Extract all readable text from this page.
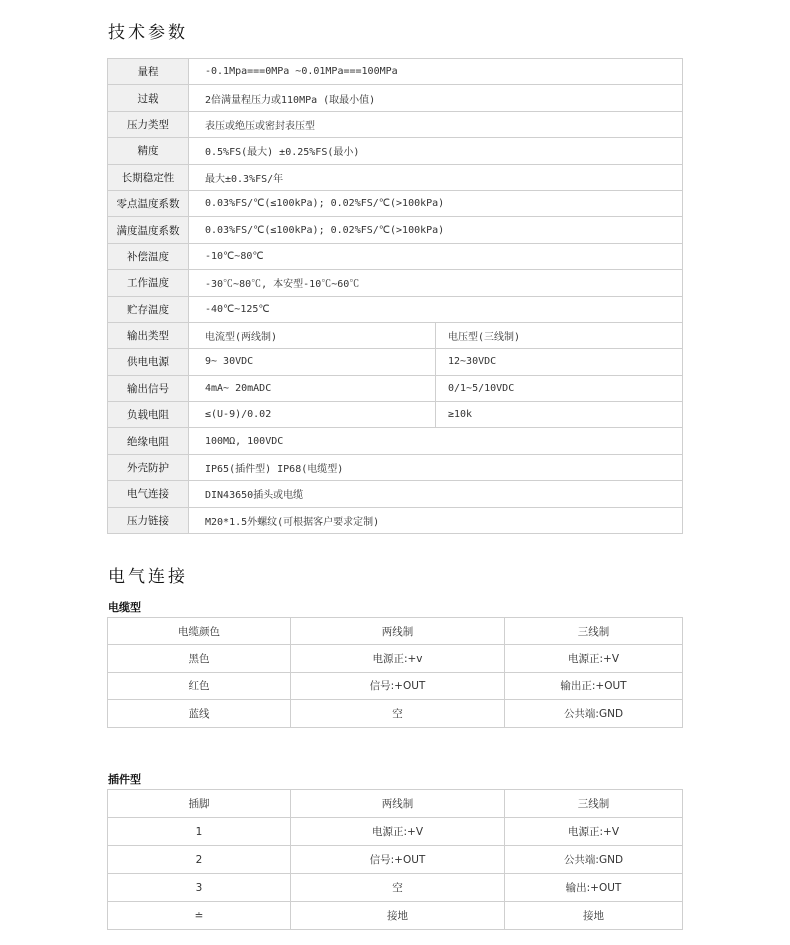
技术参数
量程	-0.1Mpa===0MPa ~0.01MPa===100MPa	
过载	2倍满量程压力或110MPa (取最小值)	
压力类型	表压或绝压或密封表压型	
精度	0.5%FS(最大) ±0.25%FS(最小)	
长期稳定性	最大±0.3%FS/年	
零点温度系数	0.03%FS/℃(≤100kPa); 0.02%FS/℃(>100kPa)	
满度温度系数	0.03%FS/℃(≤100kPa); 0.02%FS/℃(>100kPa)	
补偿温度	-10℃~80℃	
工作温度	-30℃~80℃, 本安型-10℃~60℃	
贮存温度	-40℃~125℃	
输出类型	电流型(两线制)	电压型(三线制)
供电电源	9~ 30VDC	12~30VDC
输出信号	4mA~ 20mADC	0/1~5/10VDC
负载电阻	≤(U-9)/0.02	≥10k
绝缘电阻	100MΩ, 100VDC	
外壳防护	IP65(插件型) IP68(电缆型)	
电气连接	DIN43650插头或电缆	
压力链接	M20*1.5外螺纹(可根据客户要求定制)	
电气连接
电缆型
电缆颜色	两线制	三线制
黑色	电源正:+v	电源正:+V
红色	信号:+OUT	输出正:+OUT
蓝线	空	公共端:GND
插件型
插脚	两线制	三线制
1	电源正:+V	电源正:+V
2	信号:+OUT	公共端:GND
3	空	输出:+OUT
≐	接地	接地
